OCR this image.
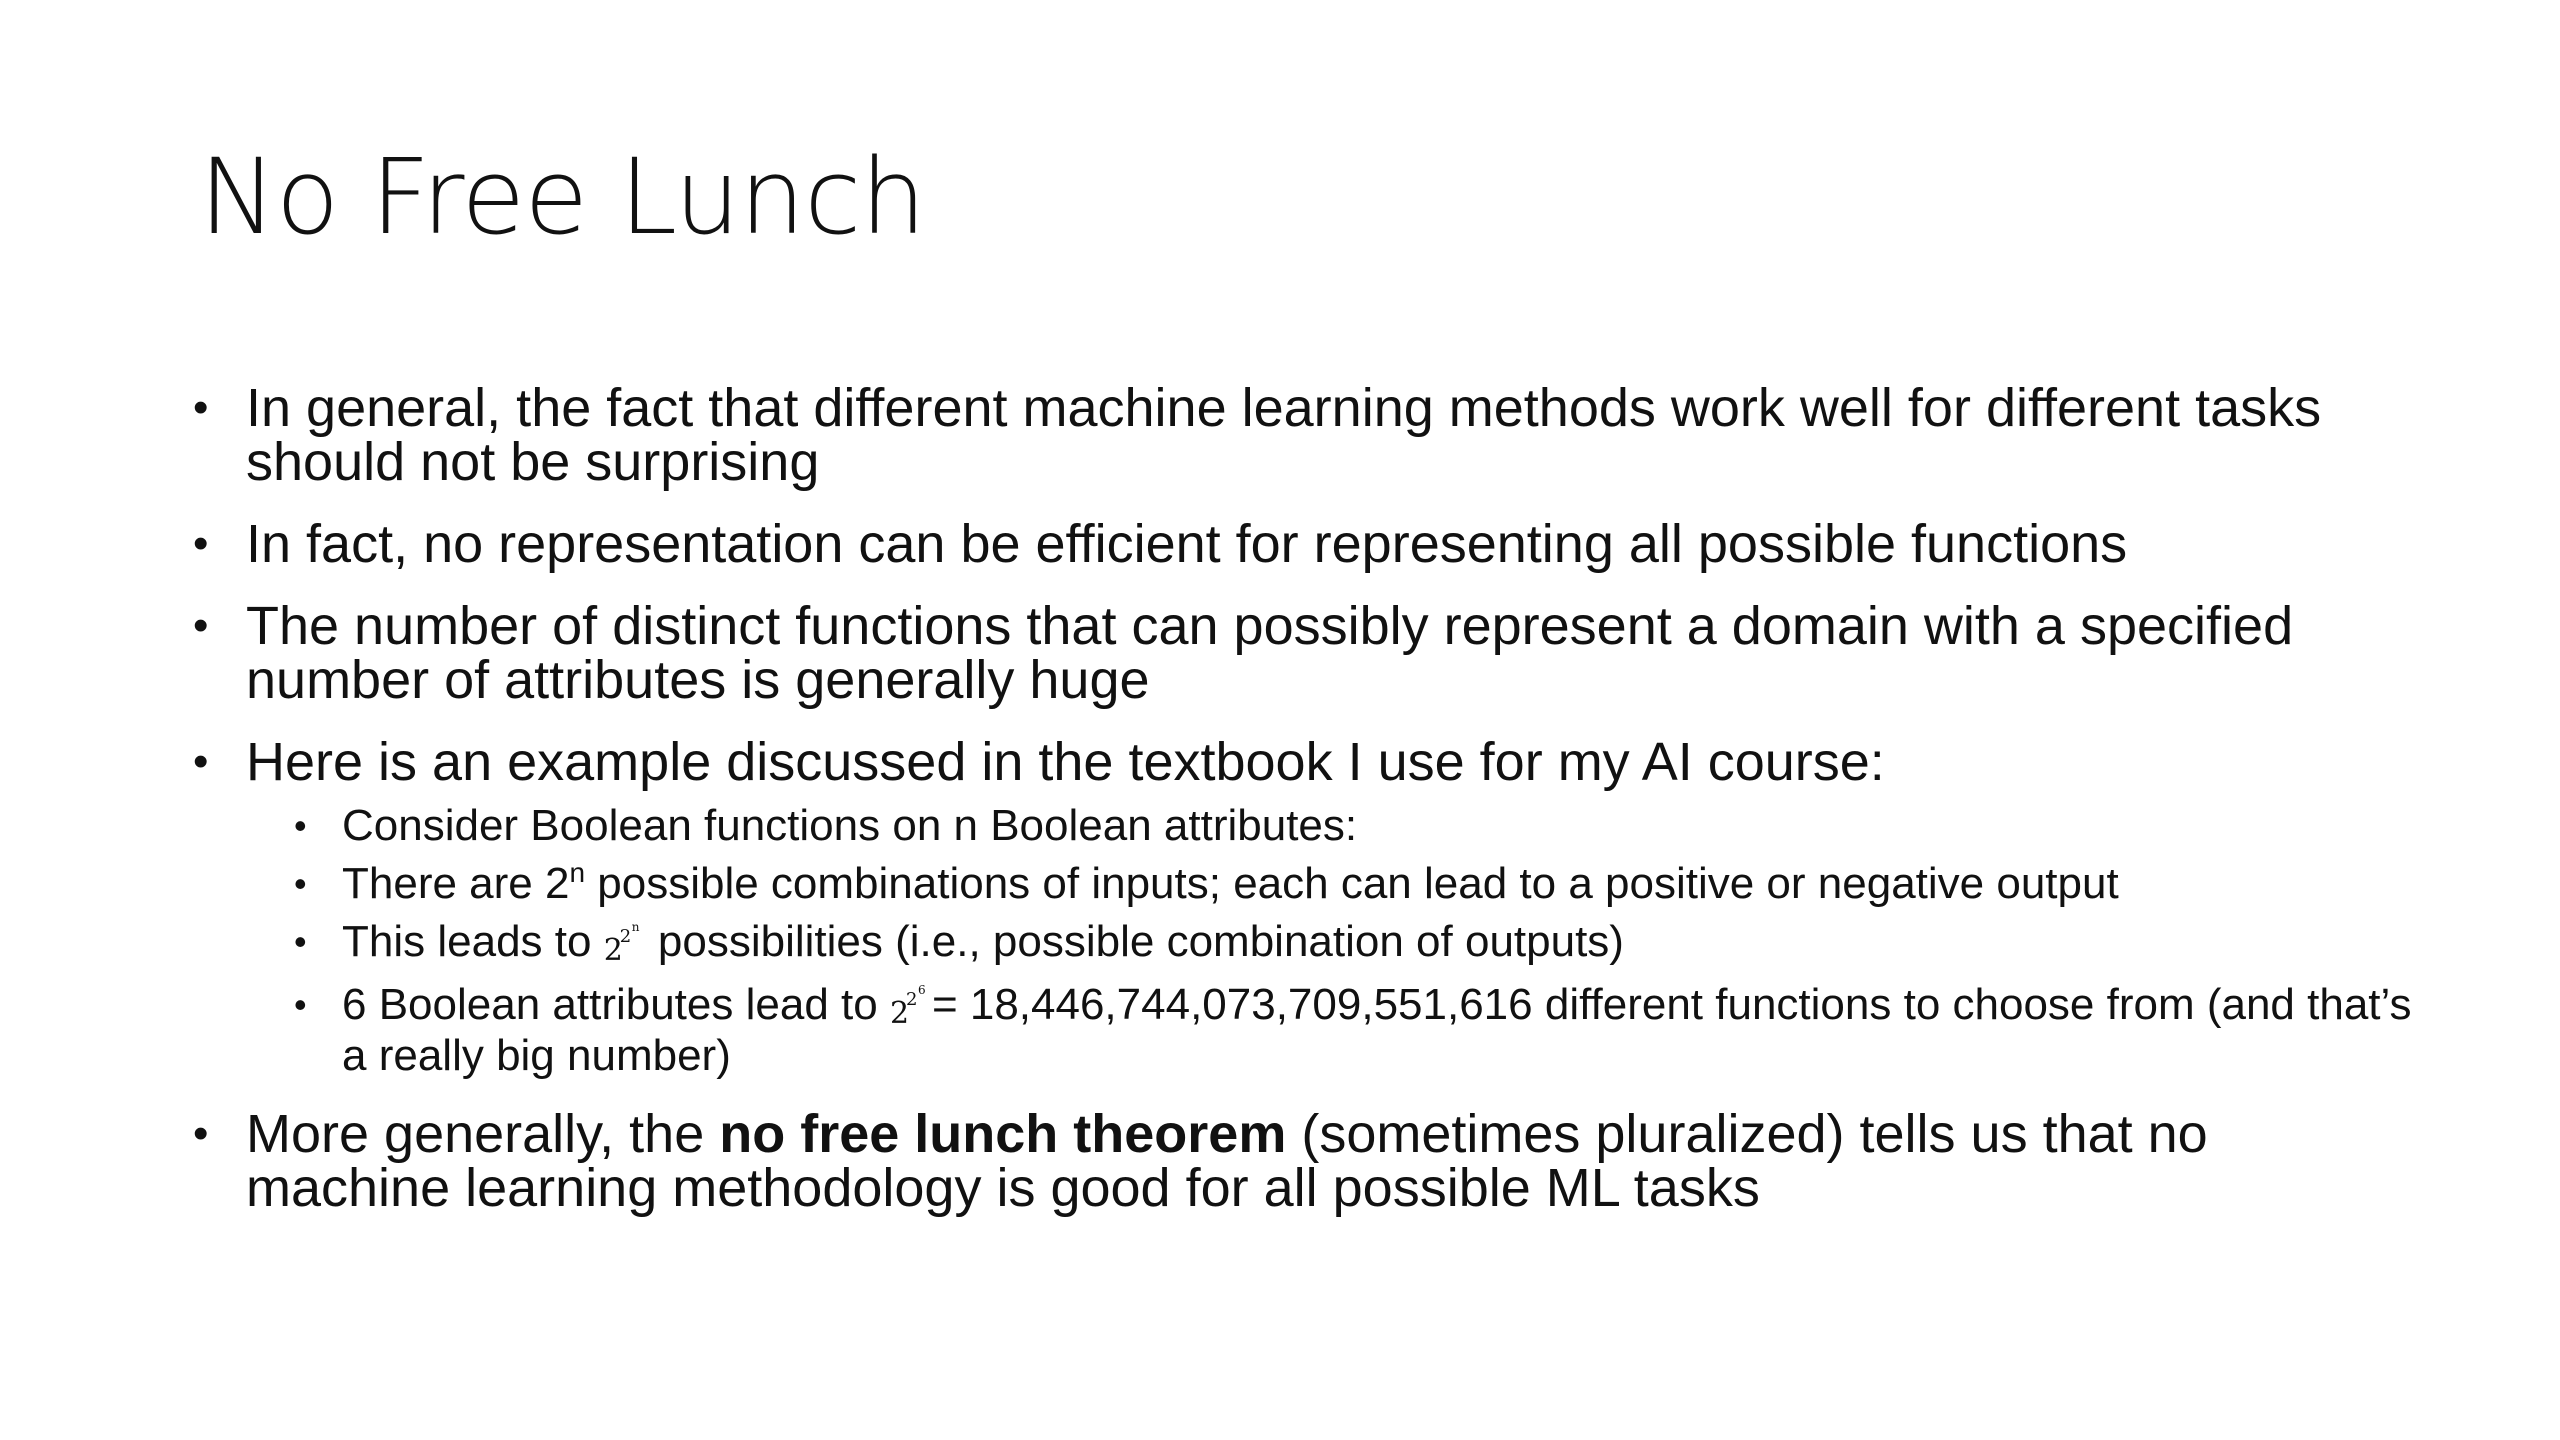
No Free Lunch
• In general, the fact that different machine learning methods work well for different tasks should not be surprising
• In fact, no representation can be efficient for representing all possible functions
• The number of distinct functions that can possibly represent a domain with a specified number of attributes is generally huge
• Here is an example discussed in the textbook I use for my AI course:
• Consider Boolean functions on n Boolean attributes:
• There are 2$^n$ possible combinations of inputs; each can lead to a positive or negative output
• This leads to 2
2 n possibilities (i.e., possible combination of outputs)
• 6 Boolean attributes lead to 2
2 6 = 18,446,744,073,709,551,616 different functions to choose from (and that’s a really big number)
• More generally, the no free lunch theorem (sometimes pluralized) tells us that no machine learning methodology is good for all possible ML tasks
